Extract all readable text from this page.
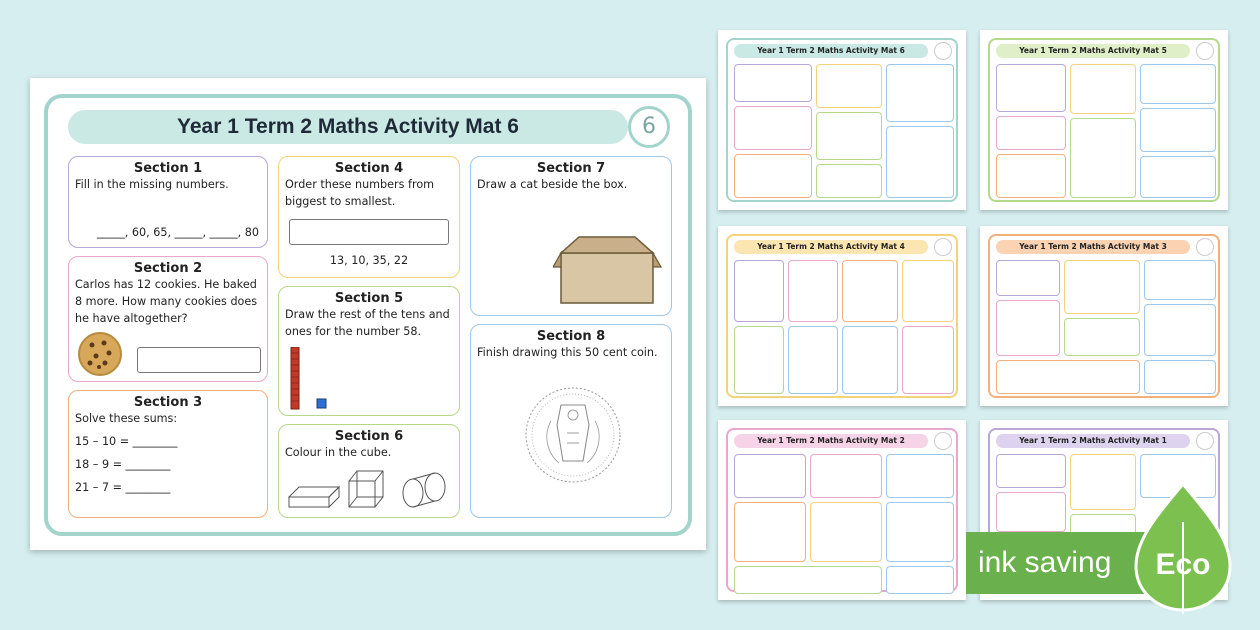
Year 1 Term 2 Maths Activity Mat 6	6
Section 1
Fill in the missing numbers.
_____, 60, 65, _____, _____, 80
Section 2
Carlos has 12 cookies. He baked 8 more. How many cookies does he have altogether?
Section 3
Solve these sums:
15 – 10 = ________
18 – 9 = ________
21 – 7 = ________
Section 4
Order these numbers from biggest to smallest.
13, 10, 35, 22
Section 5
Draw the rest of the tens and ones for the number 58.
Section 6
Colour in the cube.
Section 7
Draw a cat beside the box.
Section 8
Finish drawing this 50 cent coin.
Year 1 Term 2 Maths Activity Mat 6	Year 1 Term 2 Maths Activity Mat 5
Year 1 Term 2 Maths Activity Mat 4	Year 1 Term 2 Maths Activity Mat 3
Year 1 Term 2 Maths Activity Mat 2	Year 1 Term 2 Maths Activity Mat 1
ink saving	Eco
